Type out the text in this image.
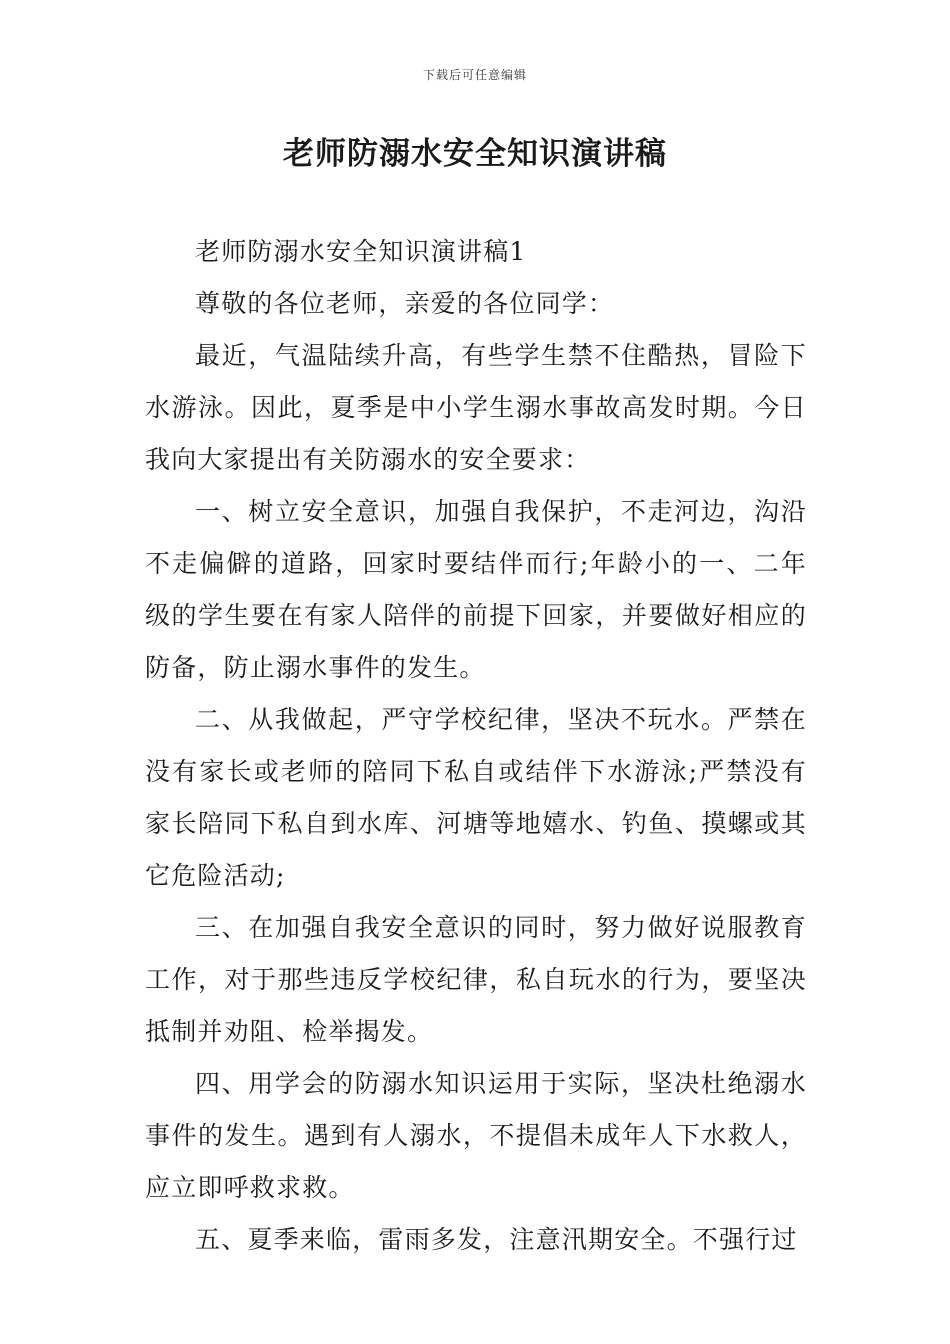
下载后可任意编辑
老师防溺水安全知识演讲稿

老师防溺水安全知识演讲稿1

尊敬的各位老师，亲爱的各位同学：

最近，气温陆续升高，有些学生禁不住酷热，冒险下水游泳。因此，夏季是中小学生溺水事故高发时期。今日我向大家提出有关防溺水的安全要求：

一、树立安全意识，加强自我保护，不走河边，沟沿不走偏僻的道路，回家时要结伴而行;年龄小的一、二年级的学生要在有家人陪伴的前提下回家，并要做好相应的防备，防止溺水事件的发生。

二、从我做起，严守学校纪律，坚决不玩水。严禁在没有家长或老师的陪同下私自或结伴下水游泳;严禁没有家长陪同下私自到水库、河塘等地嬉水、钓鱼、摸螺或其它危险活动;

三、在加强自我安全意识的同时，努力做好说服教育工作，对于那些违反学校纪律，私自玩水的行为，要坚决抵制并劝阻、检举揭发。

四、用学会的防溺水知识运用于实际，坚决杜绝溺水事件的发生。遇到有人溺水，不提倡未成年人下水救人，应立即呼救求救。

五、夏季来临，雷雨多发，注意汛期安全。不强行过
